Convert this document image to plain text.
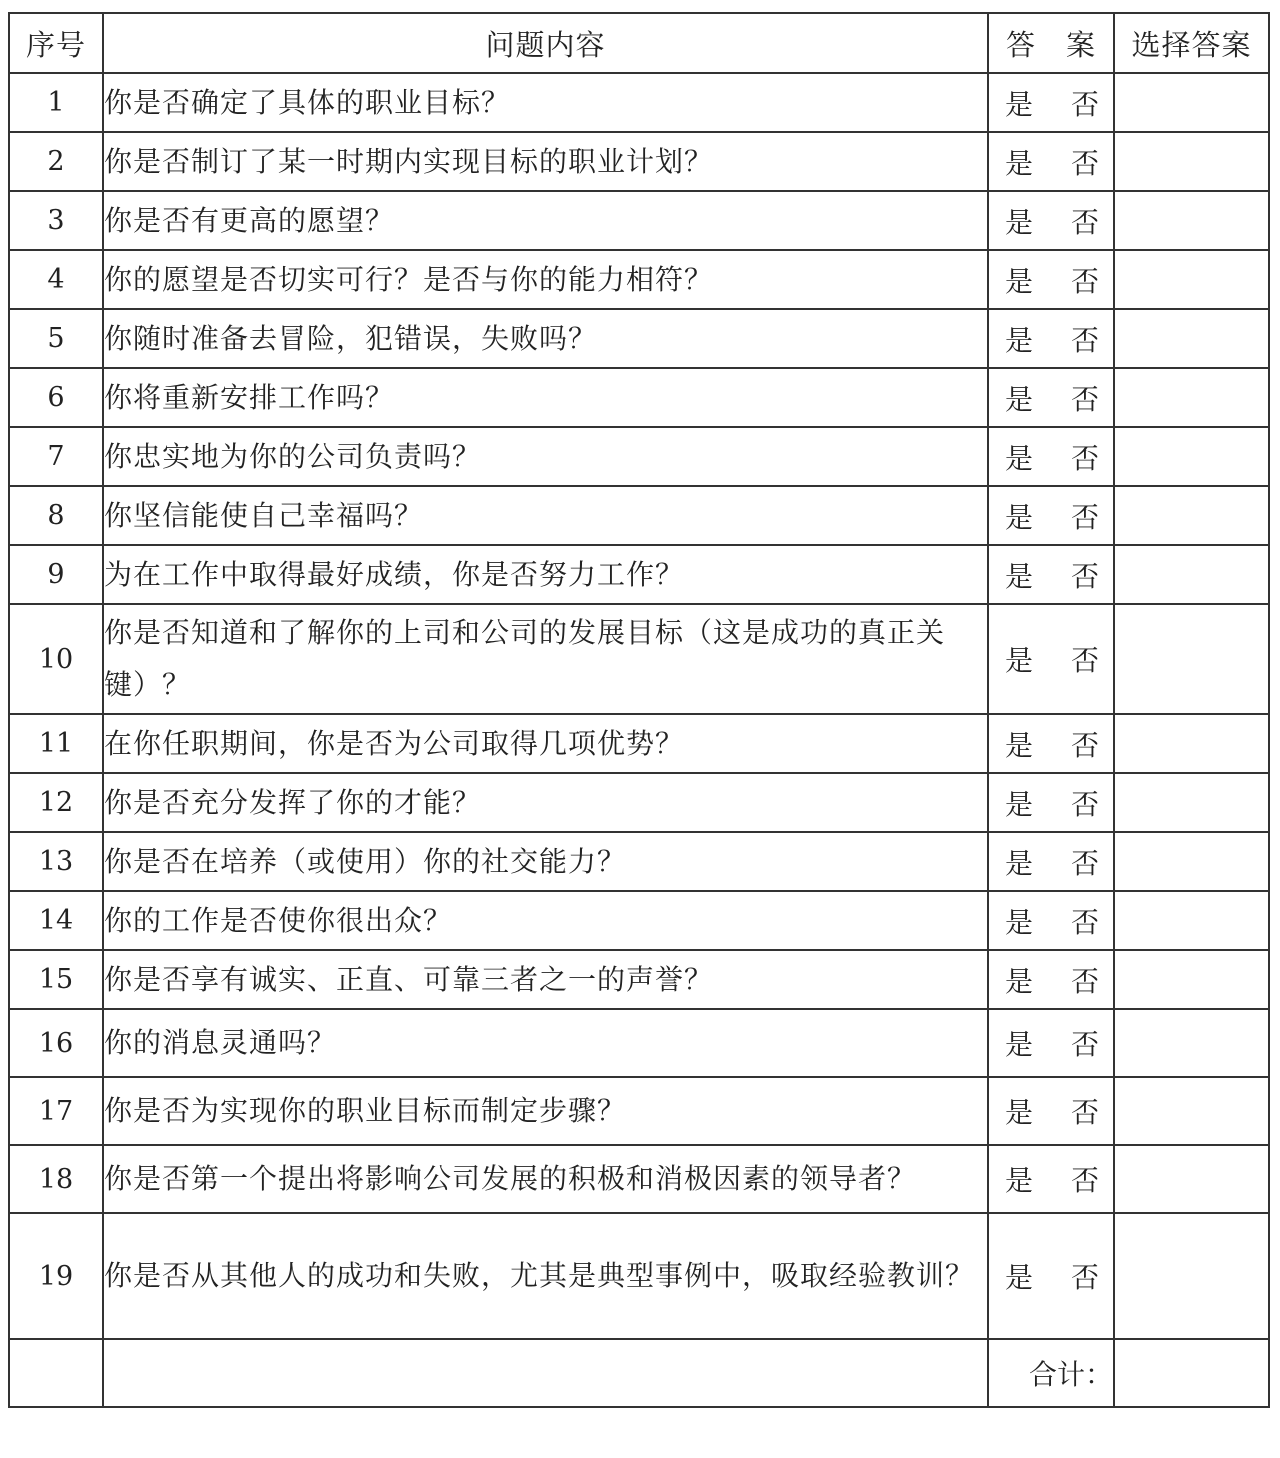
序号	问题内容	答　案	选择答案
1	你是否确定了具体的职业目标？	是 否	

2	你是否制订了某一时期内实现目标的职业计划？	是 否	

3	你是否有更高的愿望？	是 否	

4	你的愿望是否切实可行？是否与你的能力相符？	是 否	

5	你随时准备去冒险，犯错误，失败吗？	是 否	

6	你将重新安排工作吗？	是 否	

7	你忠实地为你的公司负责吗？	是 否	

8	你坚信能使自己幸福吗？	是 否	

9	为在工作中取得最好成绩，你是否努力工作？	是 否	

10	你是否知道和了解你的上司和公司的发展目标（这是成功的真正关键）？	是 否	

11	在你任职期间，你是否为公司取得几项优势？	是 否	

12	你是否充分发挥了你的才能？	是 否	

13	你是否在培养（或使用）你的社交能力？	是 否	

14	你的工作是否使你很出众？	是 否	

15	你是否享有诚实、正直、可靠三者之一的声誉？	是 否	

16	你的消息灵通吗？	是 否	

17	你是否为实现你的职业目标而制定步骤？	是 否	

18	你是否第一个提出将影响公司发展的积极和消极因素的领导者？	是 否	

19	你是否从其他人的成功和失败，尤其是典型事例中，吸取经验教训？	是 否	

		合计：	
